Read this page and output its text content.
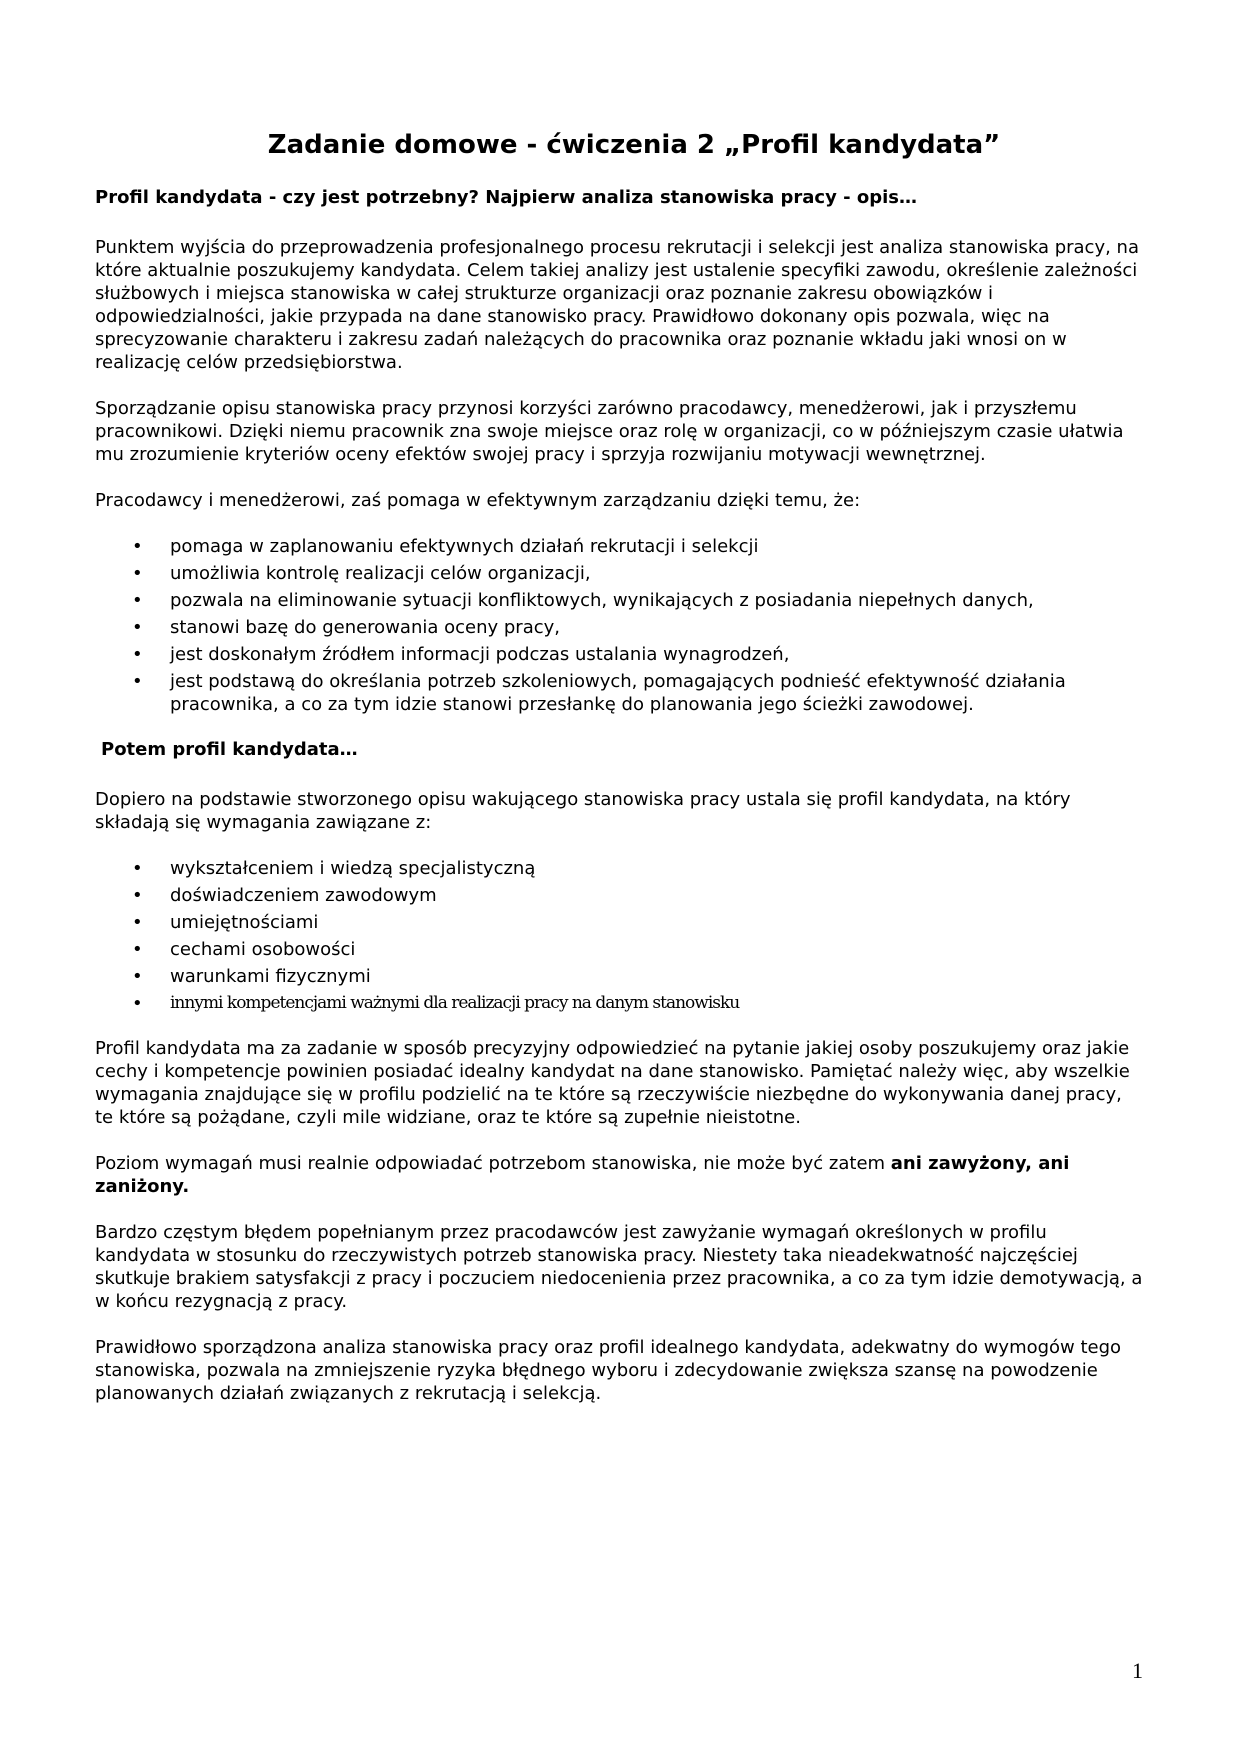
Zadanie domowe - ćwiczenia 2 „Profil kandydata”
Profil kandydata - czy jest potrzebny? Najpierw analiza stanowiska pracy - opis…

Punktem wyjścia do przeprowadzenia profesjonalnego procesu rekrutacji i selekcji jest analiza stanowiska pracy, na które aktualnie poszukujemy kandydata. Celem takiej analizy jest ustalenie specyfiki zawodu, określenie zależności służbowych i miejsca stanowiska w całej strukturze organizacji oraz poznanie zakresu obowiązków i odpowiedzialności, jakie przypada na dane stanowisko pracy. Prawidłowo dokonany opis pozwala, więc na sprecyzowanie charakteru i zakresu zadań należących do pracownika oraz poznanie wkładu jaki wnosi on w realizację celów przedsiębiorstwa.

Sporządzanie opisu stanowiska pracy przynosi korzyści zarówno pracodawcy, menedżerowi, jak i przyszłemu pracownikowi. Dzięki niemu pracownik zna swoje miejsce oraz rolę w organizacji, co w późniejszym czasie ułatwia mu zrozumienie kryteriów oceny efektów swojej pracy i sprzyja rozwijaniu motywacji wewnętrznej.

Pracodawcy i menedżerowi, zaś pomaga w efektywnym zarządzaniu dzięki temu, że:

• pomaga w zaplanowaniu efektywnych działań rekrutacji i selekcji
• umożliwia kontrolę realizacji celów organizacji,
• pozwala na eliminowanie sytuacji konfliktowych, wynikających z posiadania niepełnych danych,
• stanowi bazę do generowania oceny pracy,
• jest doskonałym źródłem informacji podczas ustalania wynagrodzeń,
• jest podstawą do określania potrzeb szkoleniowych, pomagających podnieść efektywność działania pracownika, a co za tym idzie stanowi przesłankę do planowania jego ścieżki zawodowej.
Potem profil kandydata…

Dopiero na podstawie stworzonego opisu wakującego stanowiska pracy ustala się profil kandydata, na który składają się wymagania zawiązane z:

• wykształceniem i wiedzą specjalistyczną
• doświadczeniem zawodowym
• umiejętnościami
• cechami osobowości
• warunkami fizycznymi
• innymi kompetencjami ważnymi dla realizacji pracy na danym stanowisku

Profil kandydata ma za zadanie w sposób precyzyjny odpowiedzieć na pytanie jakiej osoby poszukujemy oraz jakie cechy i kompetencje powinien posiadać idealny kandydat na dane stanowisko. Pamiętać należy więc, aby wszelkie wymagania znajdujące się w profilu podzielić na te które są rzeczywiście niezbędne do wykonywania danej pracy, te które są pożądane, czyli mile widziane, oraz te które są zupełnie nieistotne.

Poziom wymagań musi realnie odpowiadać potrzebom stanowiska, nie może być zatem ani zawyżony, ani zaniżony.

Bardzo częstym błędem popełnianym przez pracodawców jest zawyżanie wymagań określonych w profilu kandydata w stosunku do rzeczywistych potrzeb stanowiska pracy. Niestety taka nieadekwatność najczęściej skutkuje brakiem satysfakcji z pracy i poczuciem niedocenienia przez pracownika, a co za tym idzie demotywacją, a w końcu rezygnacją z pracy.

Prawidłowo sporządzona analiza stanowiska pracy oraz profil idealnego kandydata, adekwatny do wymogów tego stanowiska, pozwala na zmniejszenie ryzyka błędnego wyboru i zdecydowanie zwiększa szansę na powodzenie planowanych działań związanych z rekrutacją i selekcją.

1
